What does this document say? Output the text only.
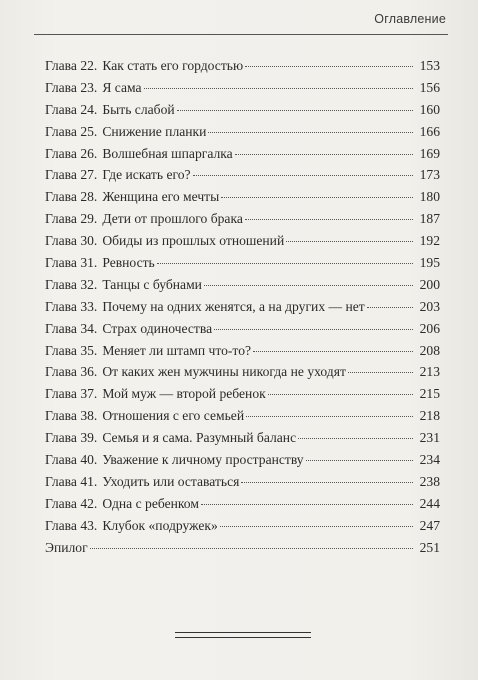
Оглавление
Глава 22. Как стать его гордостью	153
Глава 23. Я сама	156
Глава 24. Быть слабой	160
Глава 25. Снижение планки	166
Глава 26. Волшебная шпаргалка	169
Глава 27. Где искать его?	173
Глава 28. Женщина его мечты	180
Глава 29. Дети от прошлого брака	187
Глава 30. Обиды из прошлых отношений	192
Глава 31. Ревность	195
Глава 32. Танцы с бубнами	200
Глава 33. Почему на одних женятся, а на других — нет	203
Глава 34. Страх одиночества	206
Глава 35. Меняет ли штамп что-то?	208
Глава 36. От каких жен мужчины никогда не уходят	213
Глава 37. Мой муж — второй ребенок	215
Глава 38. Отношения с его семьей	218
Глава 39. Семья и я сама. Разумный баланс	231
Глава 40. Уважение к личному пространству	234
Глава 41. Уходить или оставаться	238
Глава 42. Одна с ребенком	244
Глава 43. Клубок «подружек»	247
Эпилог	251
